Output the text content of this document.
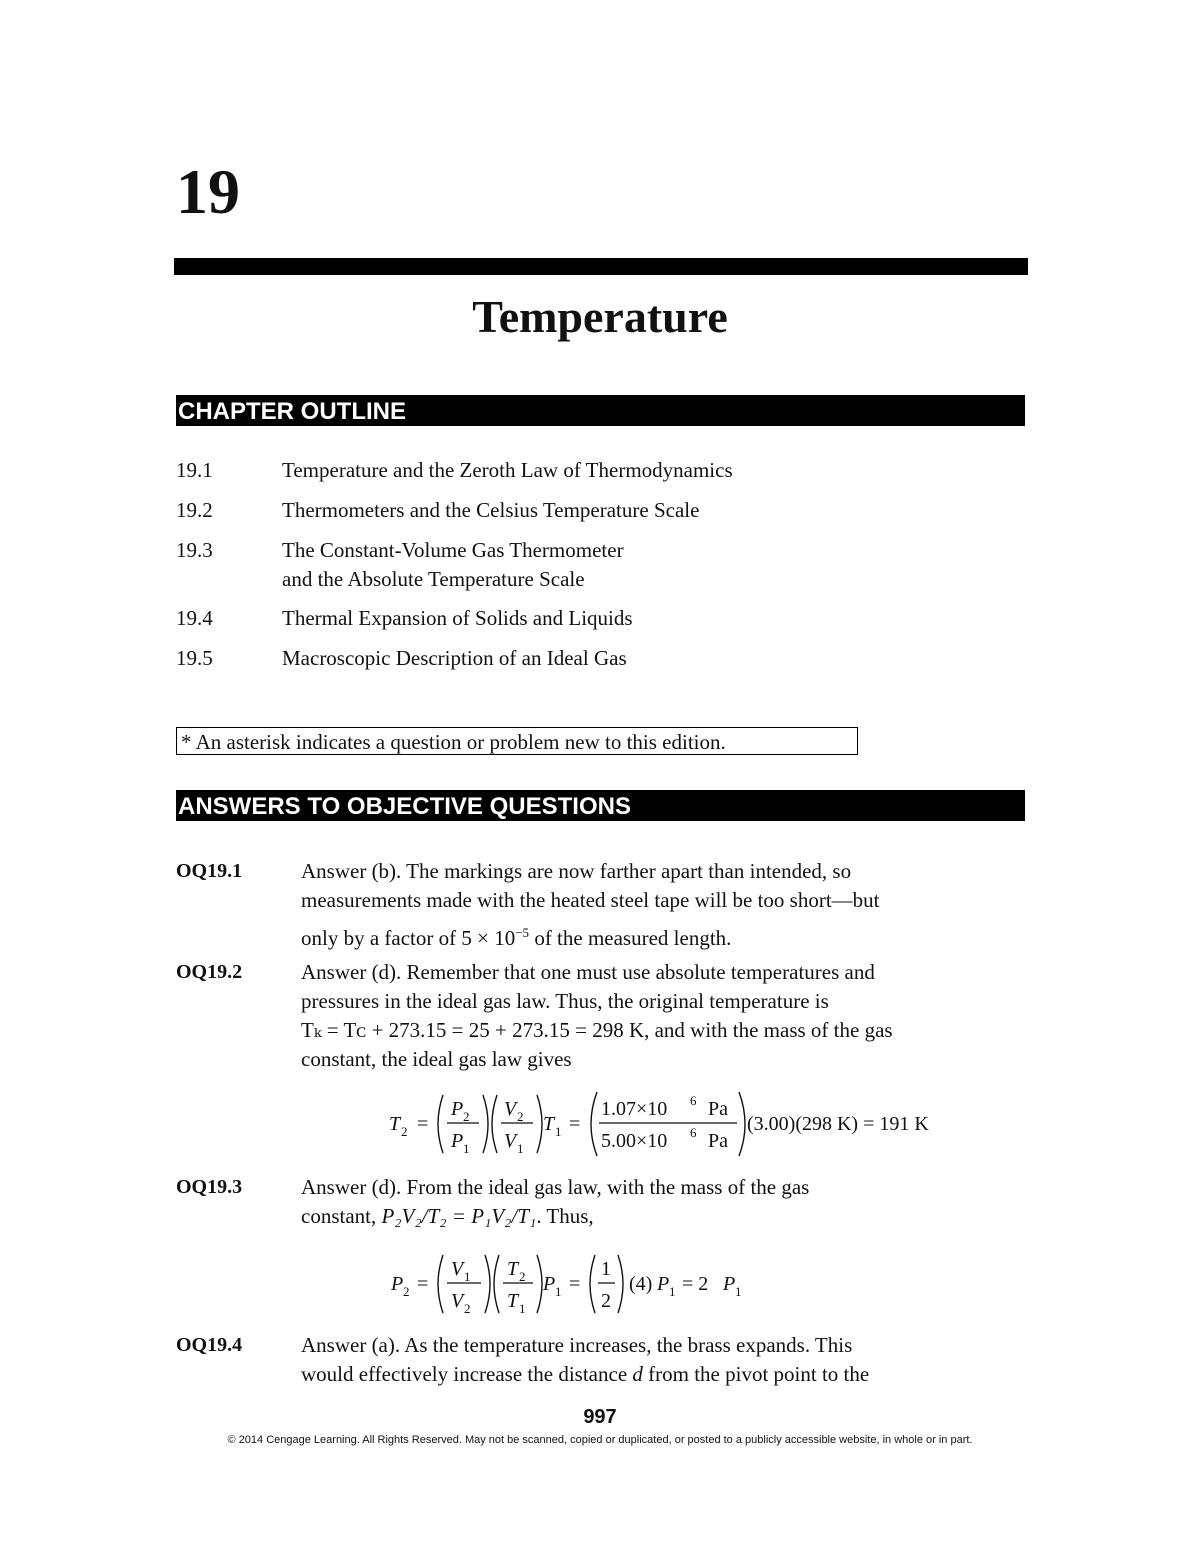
19
Temperature
CHAPTER OUTLINE
19.1	Temperature and the Zeroth Law of Thermodynamics
19.2	Thermometers and the Celsius Temperature Scale
19.3	The Constant-Volume Gas Thermometer
and the Absolute Temperature Scale
19.4	Thermal Expansion of Solids and Liquids
19.5	Macroscopic Description of an Ideal Gas
* An asterisk indicates a question or problem new to this edition.
ANSWERS TO OBJECTIVE QUESTIONS
OQ19.1	Answer (b). The markings are now farther apart than intended, so
measurements made with the heated steel tape will be too short—but
only by a factor of $5 \times 10^{-5}$ of the measured length.
OQ19.2	Answer (d). Remember that one must use absolute temperatures and
pressures in the ideal gas law. Thus, the original temperature is
Tₖ = Tᴄ + 273.15 = 25 + 273.15 = 298 K, and with the mass of the gas
constant, the ideal gas law gives
T 2 =
P 2
P 1
V 2
V 1
T 1 =
1.07×10 6 Pa
5.00×10 6 Pa
(3.00)(298 K) = 191 K
OQ19.3	Answer (d). From the ideal gas law, with the mass of the gas
constant, P₂V₂/T₂ = P₁V₂/T₁. Thus,
P 2 =
V 1
V 2
T 2
T 1
P 1 =
1
2
(4) P 1 = 2 P 1
OQ19.4	Answer (a). As the temperature increases, the brass expands. This
would effectively increase the distance d from the pivot point to the
997
© 2014 Cengage Learning. All Rights Reserved. May not be scanned, copied or duplicated, or posted to a publicly accessible website, in whole or in part.
